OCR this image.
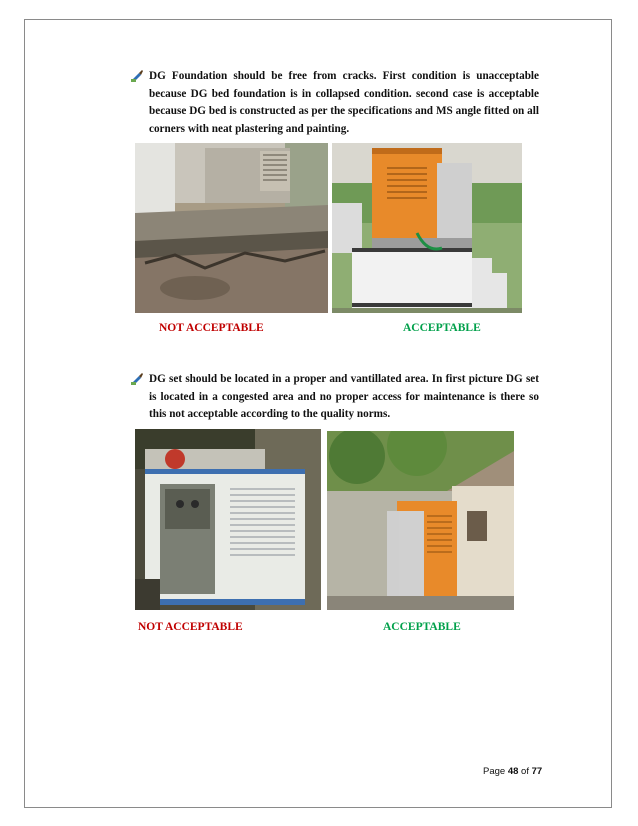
DG Foundation should be free from cracks. First condition is unacceptable because DG bed foundation is in collapsed condition. second case is acceptable because DG bed is constructed as per the specifications and MS angle fitted on all corners with neat plastering and painting.
NOT ACCEPTABLE	ACCEPTABLE
DG set should be located in a proper and vantillated area. In first picture DG set is located in a congested area and no proper access for maintenance is there so this not acceptable according to the quality norms.
NOT ACCEPTABLE	ACCEPTABLE
Page 48 of 77
